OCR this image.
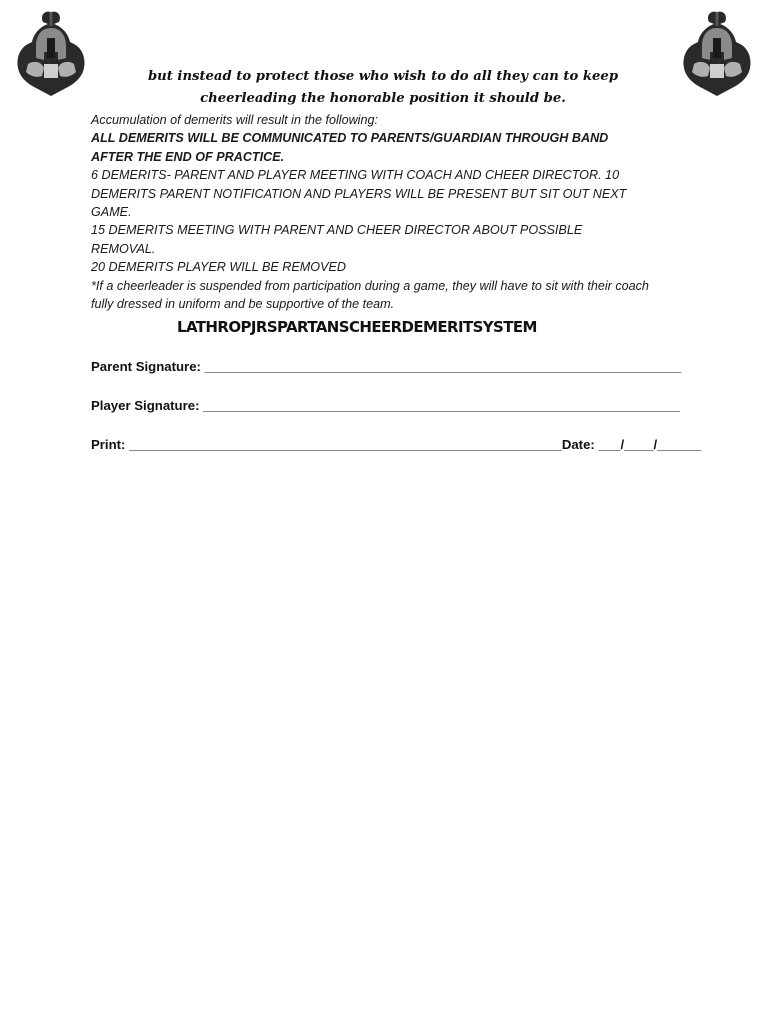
but instead to protect those who wish to do all they can to keep cheerleading the honorable position it should be.

Accumulation of demerits will result in the following:

ALL DEMERITS WILL BE COMMUNICATED TO PARENTS/GUARDIAN THROUGH BAND
AFTER THE END OF PRACTICE.

6 DEMERITS- PARENT AND PLAYER MEETING WITH COACH AND CHEER DIRECTOR. 10
DEMERITS PARENT NOTIFICATION AND PLAYERS WILL BE PRESENT BUT SIT OUT NEXT
GAME.

15 DEMERITS MEETING WITH PARENT AND CHEER DIRECTOR ABOUT POSSIBLE
REMOVAL.

20 DEMERITS PLAYER WILL BE REMOVED

*If a cheerleader is suspended from participation during a game, they will have to sit with their coach
fully dressed in uniform and be supportive of the team.

LATHROPJRSPARTANSCHEERDEMERITSYSTEM
Parent Signature: _________________________________________________________________
Player Signature: _________________________________________________________________
Print: ___________________________________________________________Date: ___/____/______
